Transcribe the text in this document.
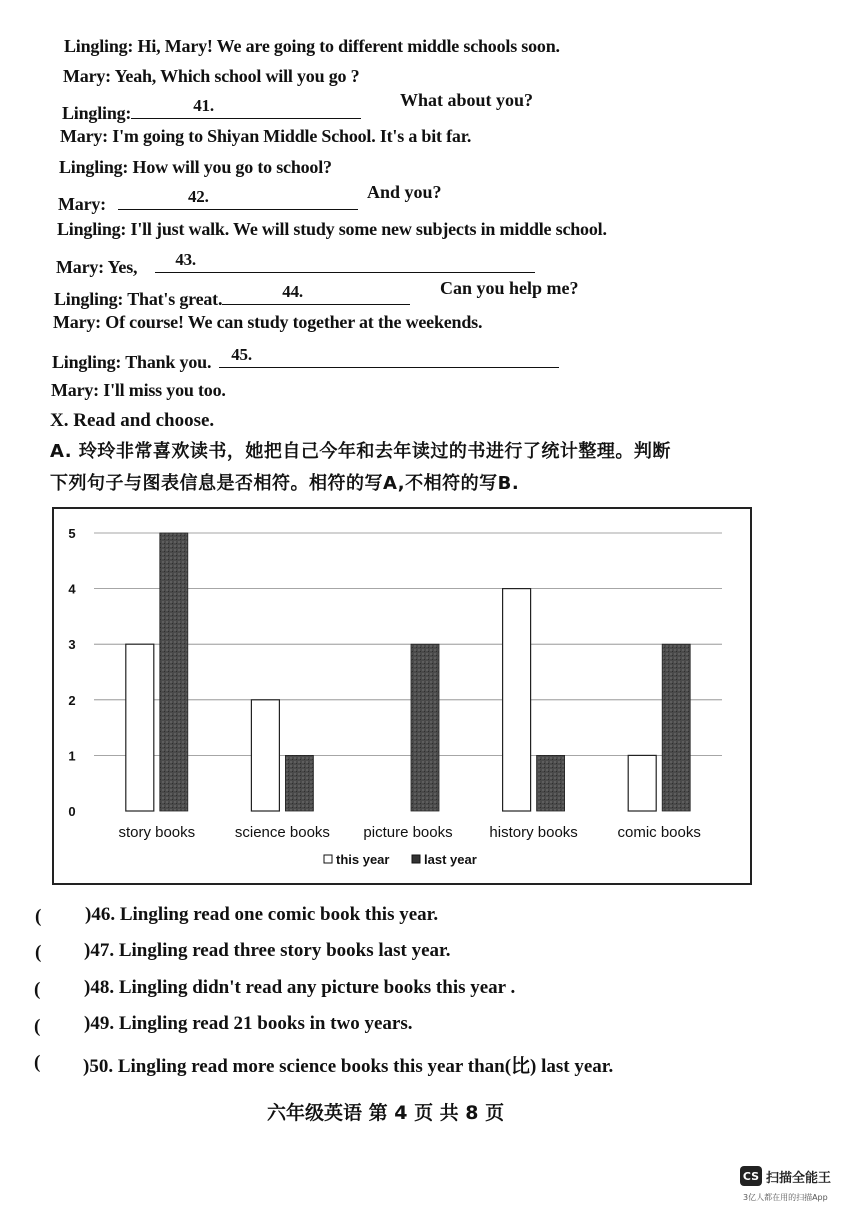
Lingling: Hi, Mary! We are going to different middle schools soon.
Mary: Yeah, Which school will you go ?
Lingling:	41.	What about you?
Mary: I'm going to Shiyan Middle School. It's a bit far.
Lingling: How will you go to school?
Mary:	42.	And you?
Lingling: I'll just walk. We will study some new subjects in middle school.
Mary: Yes, 43.
Lingling: That's great.	44.	Can you help me?
Mary: Of course! We can study together at the weekends.
Lingling: Thank you. 45.
Mary: I'll miss you too.
X. Read and choose.
A. 玲玲非常喜欢读书，她把自己今年和去年读过的书进行了统计整理。判断
下列句子与图表信息是否相符。相符的写A,不相符的写B.
0
1
2
3
4
5
story books	science books picture books history books	comic books
this year	last year
( )46. Lingling read one comic book this year.
( )47. Lingling read three story books last year.
( )48. Lingling didn't read any picture books this year .
( )49. Lingling read 21 books in two years.
( )50. Lingling read more science books this year than(比) last year.
六年级英语 第 4 页 共 8 页
CS 扫描全能王
3亿人都在用的扫描App
